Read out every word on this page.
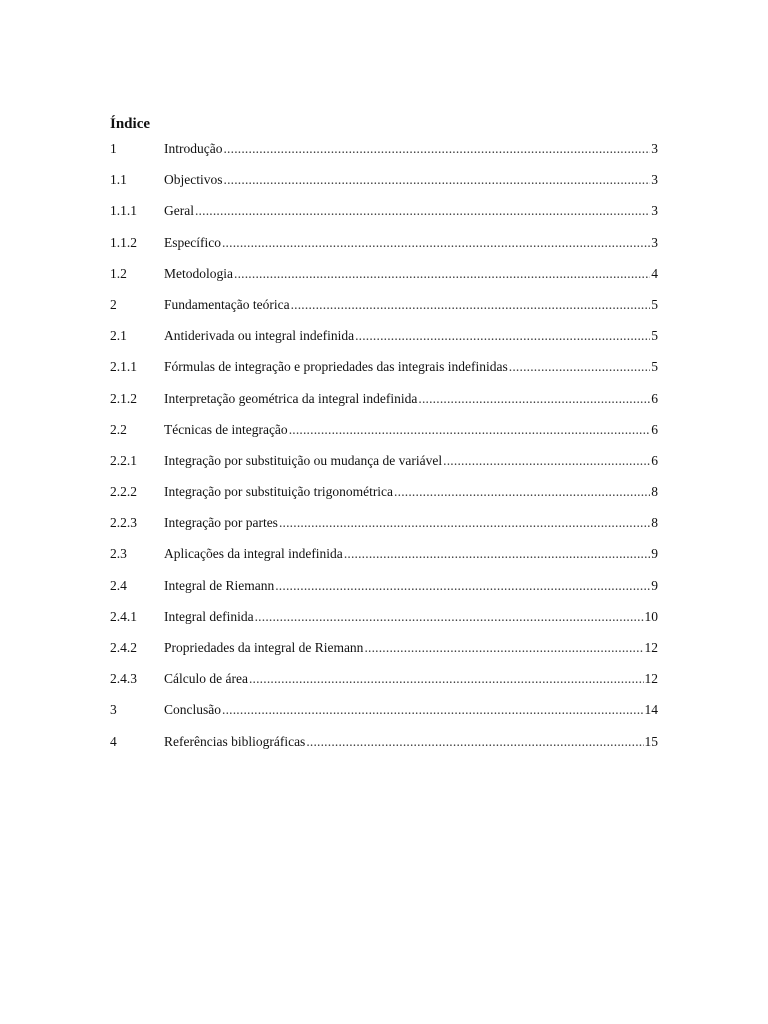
Índice
1	Introdução .....	3
1.1	Objectivos .....	3
1.1.1	Geral .....	3
1.1.2	Específico .....	3
1.2	Metodologia .....	4
2	Fundamentação teórica .....	5
2.1	Antiderivada ou integral indefinida .....	5
2.1.1	Fórmulas de integração e propriedades das integrais indefinidas .....	5
2.1.2	Interpretação geométrica da integral indefinida .....	6
2.2	Técnicas de integração .....	6
2.2.1	Integração por substituição ou mudança de variável .....	6
2.2.2	Integração por substituição trigonométrica .....	8
2.2.3	Integração por partes .....	8
2.3	Aplicações da integral indefinida .....	9
2.4	Integral de Riemann .....	9
2.4.1	Integral definida .....	10
2.4.2	Propriedades da integral de Riemann .....	12
2.4.3	Cálculo de área .....	12
3	Conclusão .....	14
4	Referências bibliográficas .....	15
